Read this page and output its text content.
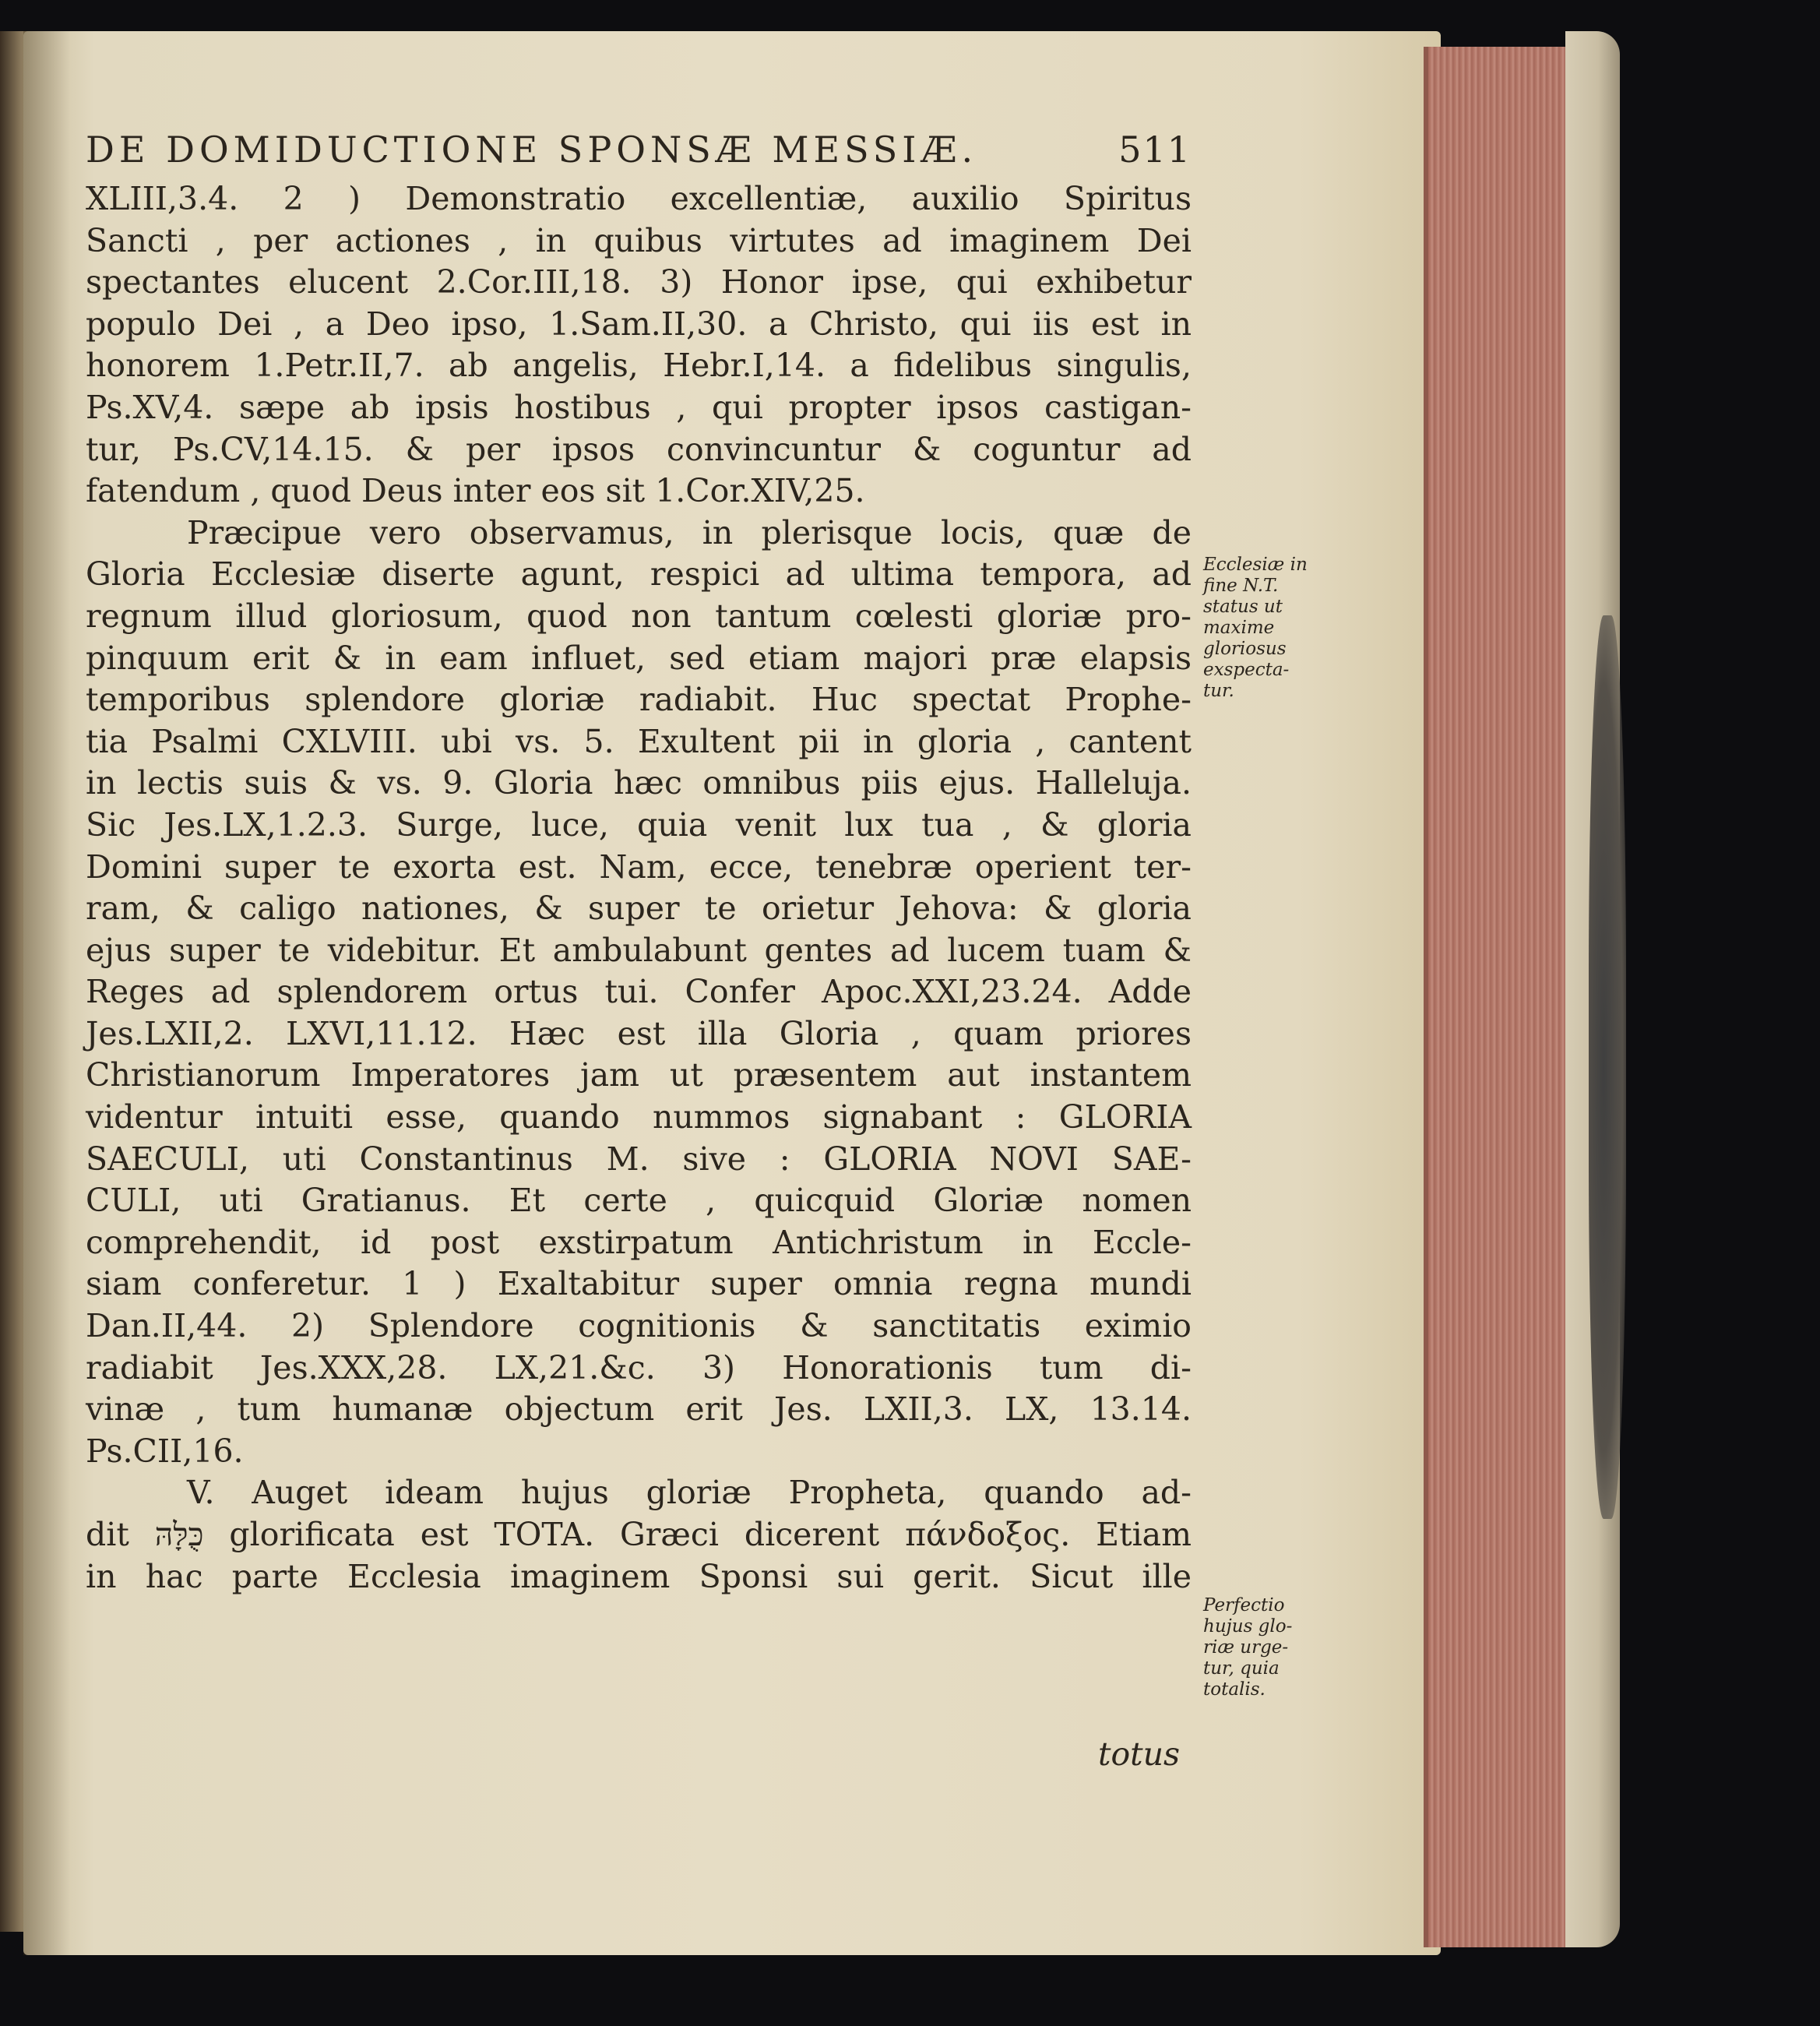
DE DOMIDUCTIONE SPONSÆ MESSIÆ.	511
XLIII,3.4. 2 ) Demonstratio excellentiæ, auxilio Spiritus
Sancti , per actiones , in quibus virtutes ad imaginem Dei
spectantes elucent 2.Cor.III,18. 3) Honor ipse, qui exhibetur
populo Dei , a Deo ipso, 1.Sam.II,30. a Christo, qui iis est in
honorem 1.Petr.II,7. ab angelis, Hebr.I,14. a fidelibus singulis,
Ps.XV,4. sæpe ab ipsis hostibus , qui propter ipsos castigan-
tur, Ps.CV,14.15. & per ipsos convincuntur & coguntur ad
fatendum , quod Deus inter eos sit 1.Cor.XIV,25.
Præcipue vero observamus, in plerisque locis, quæ de
Gloria Ecclesiæ diserte agunt, respici ad ultima tempora, ad
regnum illud gloriosum, quod non tantum cœlesti gloriæ pro-
pinquum erit & in eam influet, sed etiam majori præ elapsis
temporibus splendore gloriæ radiabit. Huc spectat Prophe-
tia Psalmi CXLVIII. ubi vs. 5. Exultent pii in gloria , cantent
in lectis suis & vs. 9. Gloria hæc omnibus piis ejus. Halleluja.
Sic Jes.LX,1.2.3. Surge, luce, quia venit lux tua , & gloria
Domini super te exorta est. Nam, ecce, tenebræ operient ter-
ram, & caligo nationes, & super te orietur Jehova: & gloria
ejus super te videbitur. Et ambulabunt gentes ad lucem tuam &
Reges ad splendorem ortus tui. Confer Apoc.XXI,23.24. Adde
Jes.LXII,2. LXVI,11.12. Hæc est illa Gloria , quam priores
Christianorum Imperatores jam ut præsentem aut instantem
videntur intuiti esse, quando nummos signabant : GLORIA
SAECULI, uti Constantinus M. sive : GLORIA NOVI SAE-
CULI, uti Gratianus. Et certe , quicquid Gloriæ nomen
comprehendit, id post exstirpatum Antichristum in Eccle-
siam conferetur. 1 ) Exaltabitur super omnia regna mundi
Dan.II,44. 2) Splendore cognitionis & sanctitatis eximio
radiabit Jes.XXX,28. LX,21.&c. 3) Honorationis tum di-
vinæ , tum humanæ objectum erit Jes. LXII,3. LX, 13.14.
Ps.CII,16.
V. Auget ideam hujus gloriæ Propheta, quando ad-
dit כֻּלָּהּ glorificata est TOTA. Græci dicerent πάνδοξος. Etiam
in hac parte Ecclesia imaginem Sponsi sui gerit. Sicut ille
totus
Ecclesiæ in
fine N.T.
status ut
maxime
gloriosus
exspecta-
tur.
Perfectio
hujus glo-
riæ urge-
tur, quia
totalis.
